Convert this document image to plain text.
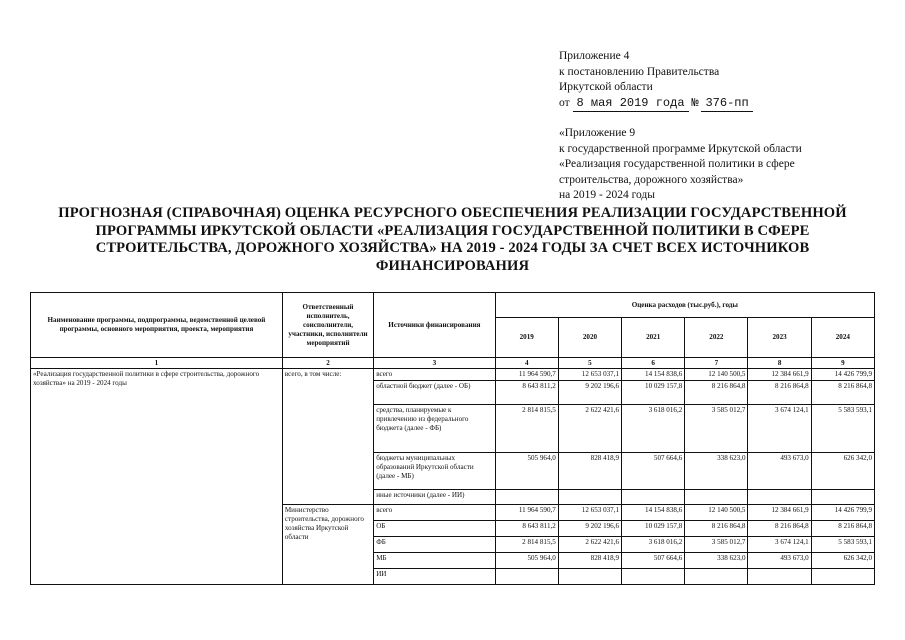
Приложение 4
к постановлению Правительства
Иркутской области
от 8 мая 2019 года № 376-пп
«Приложение 9
к государственной программе Иркутской области
«Реализация государственной политики в сфере
строительства, дорожного хозяйства»
на 2019 - 2024 годы
ПРОГНОЗНАЯ (СПРАВОЧНАЯ) ОЦЕНКА РЕСУРСНОГО ОБЕСПЕЧЕНИЯ РЕАЛИЗАЦИИ ГОСУДАРСТВЕННОЙ
ПРОГРАММЫ ИРКУТСКОЙ ОБЛАСТИ «РЕАЛИЗАЦИЯ ГОСУДАРСТВЕННОЙ ПОЛИТИКИ В СФЕРЕ
СТРОИТЕЛЬСТВА, ДОРОЖНОГО ХОЗЯЙСТВА» НА 2019 - 2024 ГОДЫ ЗА СЧЕТ ВСЕХ ИСТОЧНИКОВ
ФИНАНСИРОВАНИЯ
Наименование программы, подпрограммы, ведомственной целевой программы, основного мероприятия, проекта, мероприятия	Ответственный исполнитель, соисполнители, участники, исполнители мероприятий	Источники финансирования	Оценка расходов (тыс.руб.), годы					
			2019	2020	2021	2022	2023	2024
1	2	3	4	5	6	7	8	9
«Реализация государственной политики в сфере строительства, дорожного хозяйства» на 2019 - 2024 годы	всего, в том числе:	всего	11 964 590,7	12 653 037,1	14 154 838,6	12 140 500,5	12 384 661,9	14 426 799,9
		областной бюджет (далее - ОБ)	8 643 811,2	9 202 196,6	10 029 157,8	8 216 864,8	8 216 864,8	8 216 864,8
		средства, планируемые к привлечению из федерального бюджета (далее - ФБ)	2 814 815,5	2 622 421,6	3 618 016,2	3 585 012,7	3 674 124,1	5 583 593,1
		бюджеты муниципальных образований Иркутской области (далее - МБ)	505 964,0	828 418,9	507 664,6	338 623,0	493 673,0	626 342,0
		иные источники (далее - ИИ)						
	Министерство строительства, дорожного хозяйства Иркутской области	всего	11 964 590,7	12 653 037,1	14 154 838,6	12 140 500,5	12 384 661,9	14 426 799,9
		ОБ	8 643 811,2	9 202 196,6	10 029 157,8	8 216 864,8	8 216 864,8	8 216 864,8
		ФБ	2 814 815,5	2 622 421,6	3 618 016,2	3 585 012,7	3 674 124,1	5 583 593,1
		МБ	505 964,0	828 418,9	507 664,6	338 623,0	493 673,0	626 342,0
		ИИ						
